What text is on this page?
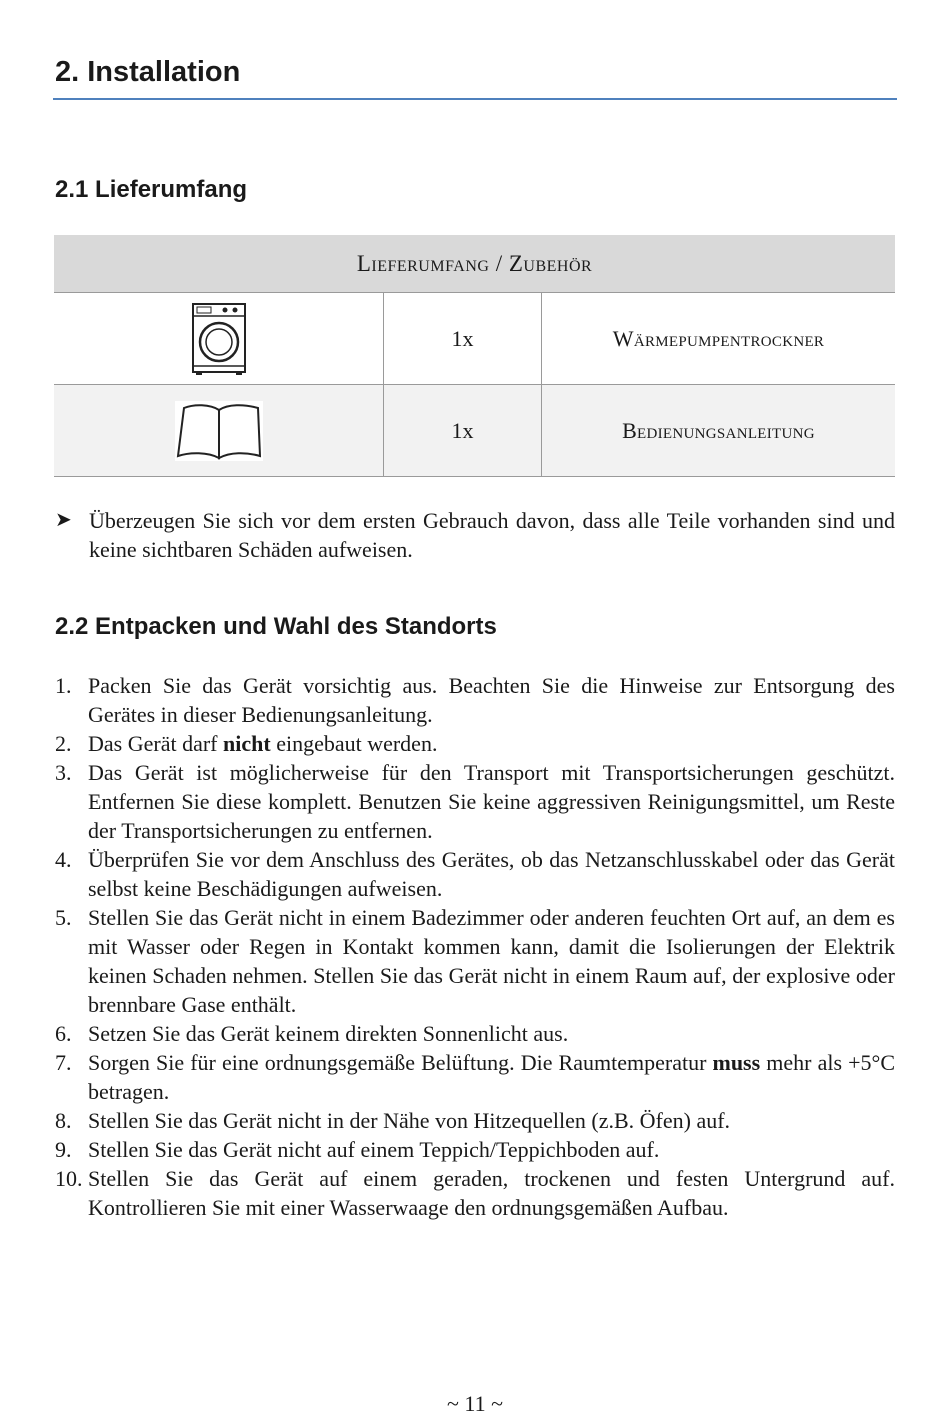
2. Installation
2.1 Lieferumfang
Lieferumfang / Zubehör
1x	Wärmepumpentrockner
1x	Bedienungsanleitung
➤ Überzeugen Sie sich vor dem ersten Gebrauch davon, dass alle Teile vorhanden sind und keine sichtbaren Schäden aufweisen.
2.2 Entpacken und Wahl des Standorts
1. Packen Sie das Gerät vorsichtig aus. Beachten Sie die Hinweise zur Entsorgung des Gerätes in dieser Bedienungsanleitung.
2. Das Gerät darf nicht eingebaut werden.
3. Das Gerät ist möglicherweise für den Transport mit Transportsicherungen geschützt. Entfernen Sie diese komplett. Benutzen Sie keine aggressiven Reinigungsmittel, um Reste der Transportsicherungen zu entfernen.
4. Überprüfen Sie vor dem Anschluss des Gerätes, ob das Netzanschlusskabel oder das Gerät selbst keine Beschädigungen aufweisen.
5. Stellen Sie das Gerät nicht in einem Badezimmer oder anderen feuchten Ort auf, an dem es mit Wasser oder Regen in Kontakt kommen kann, damit die Isolierungen der Elektrik keinen Schaden nehmen. Stellen Sie das Gerät nicht in einem Raum auf, der explosive oder brennbare Gase enthält.
6. Setzen Sie das Gerät keinem direkten Sonnenlicht aus.
7. Sorgen Sie für eine ordnungsgemäße Belüftung. Die Raumtemperatur muss mehr als +5°C betragen.
8. Stellen Sie das Gerät nicht in der Nähe von Hitzequellen (z.B. Öfen) auf.
9. Stellen Sie das Gerät nicht auf einem Teppich/Teppichboden auf.
10. Stellen Sie das Gerät auf einem geraden, trockenen und festen Untergrund auf. Kontrollieren Sie mit einer Wasserwaage den ordnungsgemäßen Aufbau.
~ 11 ~
